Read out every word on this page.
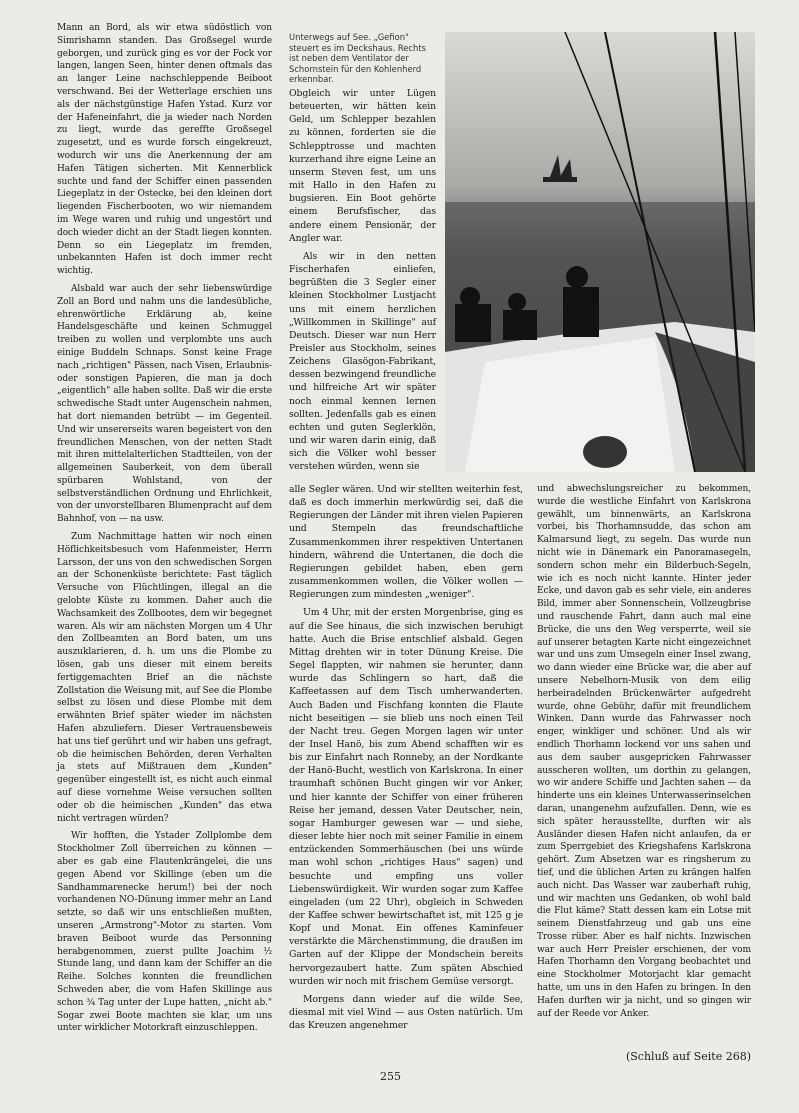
Mann an Bord, als wir etwa südöstlich von Simrishamn standen. Das Großsegel wurde geborgen, und zurück ging es vor der Fock vor langen, langen Seen, hinter denen oftmals das an langer Leine nachschleppende Beiboot verschwand. Bei der Wetterlage erschien uns als der nächstgünstige Hafen Ystad. Kurz vor der Hafeneinfahrt, die ja wieder nach Norden zu liegt, wurde das gereffte Großsegel zugesetzt, und es wurde forsch eingekreuzt, wodurch wir uns die Anerkennung der am Hafen Tätigen sicherten. Mit Kennerblick suchte und fand der Schiffer einen passenden Liegeplatz in der Ostecke, bei den kleinen dort liegenden Fischerbooten, wo wir niemandem im Wege waren und ruhig und ungestört und doch wieder dicht an der Stadt liegen konnten. Denn so ein Liegeplatz im fremden, unbekannten Hafen ist doch immer recht wichtig.

Alsbald war auch der sehr liebenswürdige Zoll an Bord und nahm uns die landesübliche, ehrenwörtliche Erklärung ab, keine Handelsgeschäfte und keinen Schmuggel treiben zu wollen und verplombte uns auch einige Buddeln Schnaps. Sonst keine Frage nach „richtigen" Pässen, nach Visen, Erlaubnis- oder sonstigen Papieren, die man ja doch „eigentlich" alle haben sollte. Daß wir die erste schwedische Stadt unter Augenschein nahmen, hat dort niemanden betrübt — im Gegenteil. Und wir unsererseits waren begeistert von den freundlichen Menschen, von der netten Stadt mit ihren mittelalterlichen Stadtteilen, von der allgemeinen Sauberkeit, von dem überall spürbaren Wohlstand, von der selbstverständlichen Ordnung und Ehrlichkeit, von der unvorstellbaren Blumenpracht auf dem Bahnhof, von — na usw.

Zum Nachmittage hatten wir noch einen Höflichkeitsbesuch vom Hafenmeister, Herrn Larsson, der uns von den schwedischen Sorgen an der Schonenküste berichtete: Fast täglich Versuche von Flüchtlingen, illegal an die gelobte Küste zu kommen. Daher auch die Wachsamkeit des Zollbootes, dem wir begegnet waren. Als wir am nächsten Morgen um 4 Uhr den Zollbeamten an Bord baten, um uns auszuklarieren, d. h. um uns die Plombe zu lösen, gab uns dieser mit einem bereits fertiggemachten Brief an die nächste Zollstation die Weisung mit, auf See die Plombe selbst zu lösen und diese Plombe mit dem erwähnten Brief später wieder im nächsten Hafen abzuliefern. Dieser Vertrauensbeweis hat uns tief gerührt und wir haben uns gefragt, ob die heimischen Behörden, deren Verhalten ja stets auf Mißtrauen dem „Kunden" gegenüber eingestellt ist, es nicht auch einmal auf diese vornehme Weise versuchen sollten oder ob die heimischen „Kunden" das etwa nicht vertragen würden?

Wir hofften, die Ystader Zollplombe dem Stockholmer Zoll überreichen zu können — aber es gab eine Flautenkrängelei, die uns gegen Abend vor Skillinge (eben um die Sandhammarenecke herum!) bei der noch vorhandenen NO-Dünung immer mehr an Land setzte, so daß wir uns entschließen mußten, unseren „Armstrong"-Motor zu starten. Vom braven Beiboot wurde das Personning herabgenommen, zuerst pullte Joachim ½ Stunde lang, und dann kam der Schiffer an die Reihe. Solches konnten die freundlichen Schweden aber, die vom Hafen Skillinge aus schon ¾ Tag unter der Lupe hatten, „nicht ab." Sogar zwei Boote machten sie klar, um uns unter wirklicher Motorkraft einzuschleppen.

Unterwegs auf See. „Gefion" steuert es im Deckshaus. Rechts ist neben dem Ventilator der Schornstein für den Kohlenherd erkennbar.

Obgleich wir unter Lügen beteuerten, wir hätten kein Geld, um Schlepper bezahlen zu können, forderten sie die Schlepptrosse und machten kurzerhand ihre eigne Leine an unserm Steven fest, um uns mit Hallo in den Hafen zu bugsieren. Ein Boot gehörte einem Berufsfischer, das andere einem Pensionär, der Angler war.

Als wir in den netten Fischerhafen einliefen, begrüßten die 3 Segler einer kleinen Stockholmer Lustjacht uns mit einem herzlichen „Willkommen in Skillinge" auf Deutsch. Dieser war nun Herr Preisler aus Stockholm, seines Zeichens Glasögon-Fabrikant, dessen bezwingend freundliche und hilfreiche Art wir später noch einmal kennen lernen sollten. Jedenfalls gab es einen echten und guten Seglerklön, und wir waren darin einig, daß sich die Völker wohl besser verstehen würden, wenn sie

alle Segler wären. Und wir stellten weiterhin fest, daß es doch immerhin merkwürdig sei, daß die Regierungen der Länder mit ihren vielen Papieren und Stempeln das freundschaftliche Zusammenkommen ihrer respektiven Untertanen hindern, während die Untertanen, die doch die Regierungen gebildet haben, eben gern zusammenkommen wollen, die Völker wollen — Regierungen zum mindesten „weniger".

Um 4 Uhr, mit der ersten Morgenbrise, ging es auf die See hinaus, die sich inzwischen beruhigt hatte. Auch die Brise entschlief alsbald. Gegen Mittag drehten wir in toter Dünung Kreise. Die Segel flappten, wir nahmen sie herunter, dann wurde das Schlingern so hart, daß die Kaffeetassen auf dem Tisch umherwanderten. Auch Baden und Fischfang konnten die Flaute nicht beseitigen — sie blieb uns noch einen Teil der Nacht treu. Gegen Morgen lagen wir unter der Insel Hanö, bis zum Abend schafften wir es bis zur Einfahrt nach Ronneby, an der Nordkante der Hanö-Bucht, westlich von Karlskrona. In einer traumhaft schönen Bucht gingen wir vor Anker, und hier kannte der Schiffer von einer früheren Reise her jemand, dessen Vater Deutscher, nein, sogar Hamburger gewesen war — und siehe, dieser lebte hier noch mit seiner Familie in einem entzückenden Sommerhäuschen (bei uns würde man wohl schon „richtiges Haus" sagen) und besuchte und empfing uns voller Liebenswürdigkeit. Wir wurden sogar zum Kaffee eingeladen (um 22 Uhr), obgleich in Schweden der Kaffee schwer bewirtschaftet ist, mit 125 g je Kopf und Monat. Ein offenes Kaminfeuer verstärkte die Märchenstimmung, die draußen im Garten auf der Klippe der Mondschein bereits hervorgezaubert hatte. Zum späten Abschied wurden wir noch mit frischem Gemüse versorgt.

Morgens dann wieder auf die wilde See, diesmal mit viel Wind — aus Osten natürlich. Um das Kreuzen angenehmer

und abwechslungsreicher zu bekommen, wurde die westliche Einfahrt von Karlskrona gewählt, um binnenwärts, an Karlskrona vorbei, bis Thorhamnsudde, das schon am Kalmarsund liegt, zu segeln. Das wurde nun nicht wie in Dänemark ein Panoramasegeln, sondern schon mehr ein Bilderbuch-Segeln, wie ich es noch nicht kannte. Hinter jeder Ecke, und davon gab es sehr viele, ein anderes Bild, immer aber Sonnenschein, Vollzeugbrise und rauschende Fahrt, dann auch mal eine Brücke, die uns den Weg versperrte, weil sie auf unserer betagten Karte nicht eingezeichnet war und uns zum Umsegeln einer Insel zwang, wo dann wieder eine Brücke war, die aber auf unsere Nebelhorn-Musik von dem eilig herbeiradelnden Brückenwärter aufgedreht wurde, ohne Gebühr, dafür mit freundlichem Winken. Dann wurde das Fahrwasser noch enger, winkliger und schöner. Und als wir endlich Thorhamn lockend vor uns sahen und aus dem sauber ausgepricken Fahrwasser ausscheren wollten, um dorthin zu gelangen, wo wir andere Schiffe und Jachten sahen — da hinderte uns ein kleines Unterwasserinselchen daran, unangenehm aufzufallen. Denn, wie es sich später herausstellte, durften wir als Ausländer diesen Hafen nicht anlaufen, da er zum Sperrgebiet des Kriegshafens Karlskrona gehört. Zum Absetzen war es ringsherum zu tief, und die üblichen Arten zu krängen halfen auch nicht. Das Wasser war zauberhaft ruhig, und wir machten uns Gedanken, ob wohl bald die Flut käme? Statt dessen kam ein Lotse mit seinem Dienstfahrzeug und gab uns eine Trosse rüber. Aber es half nichts. Inzwischen war auch Herr Preisler erschienen, der vom Hafen Thorhamn den Vorgang beobachtet und eine Stockholmer Motorjacht klar gemacht hatte, um uns in den Hafen zu bringen. In den Hafen durften wir ja nicht, und so gingen wir auf der Reede vor Anker.

(Schluß auf Seite 268)
255
